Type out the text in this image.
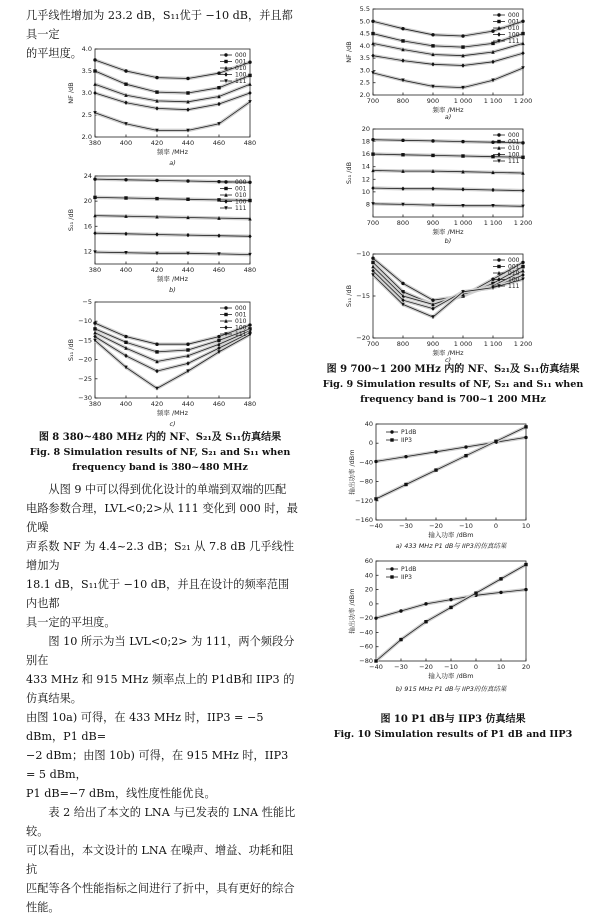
几乎线性增加为 23.2 dB，S₁₁优于 −10 dB，并且都具一定

的平坦度。

380	400	420	440	460	480
2.0
2.5
3.0
3.5
4.0
频率 /MHz
NF /dB
a)
000
001
010
100
111
380	400	420	440	460	480
12
16
20
24
频率 /MHz
S₂₁ /dB
b)
000
001
010
100
111
380	400	420	440	460	480
−5
−10
−15
−20
−25
−30
频率 /MHz
S₁₁ /dB
c)
000
001
010
100
111
图 8 380~480 MHz 内的 NF、S₂₁及 S₁₁仿真结果
Fig. 8 Simulation results of NF, S₂₁ and S₁₁ when
frequency band is 380~480 MHz

从图 9 中可以得到优化设计的单端到双端的匹配

电路参数合理，LVL<0;2>从 111 变化到 000 时，最优噪

声系数 NF 为 4.4~2.3 dB；S₂₁ 从 7.8 dB 几乎线性增加为

18.1 dB，S₁₁优于 −10 dB，并且在设计的频率范围内也都

具一定的平坦度。

图 10 所示为当 LVL<0;2> 为 111，两个频段分别在

433 MHz 和 915 MHz 频率点上的 P1dB和 IIP3 的仿真结果。

由图 10a) 可得，在 433 MHz 时，IIP3 = −5 dBm，P1 dB=

−2 dBm；由图 10b) 可得，在 915 MHz 时，IIP3 = 5 dBm，

P1 dB=−7 dBm，线性度性能优良。

表 2 给出了本文的 LNA 与已发表的 LNA 性能比较。

可以看出，本文设计的 LNA 在噪声、增益、功耗和阻抗

匹配等各个性能指标之间进行了折中，具有更好的综合

性能。

700	800	900 1 000 1 100 1 200
2.0
2.5
3.0
3.5
4.0
4.5
5.0
5.5
频率 /MHz
NF /dB
a)
000
001
010
100
111
700	800	900 1 000 1 100 1 200
8
10
12
14
16
18
20
频率 /MHz
S₂₁ /dB
b)
000
001
010
100
111
700	800	900 1 000 1 100 1 200
−10
−15
−20
频率 /MHz
S₁₁ /dB
c)
000
001
010
100
111
图 9 700~1 200 MHz 内的 NF、S₂₁及 S₁₁仿真结果
Fig. 9 Simulation results of NF, S₂₁ and S₁₁ when
frequency band is 700~1 200 MHz
−40	−30	−20	−10	0	10
40
0
−40
−80
−120
−160
输入功率 /dBm
输出功率 /dBm
a) 433 MHz P1 dB与 IIP3的仿真结果
P1dB
IIP3
−40 −30 −20 −10 0	10	20
60
40
20
0
−20
−40
−60
−80
输入功率 /dBm
输出功率 /dBm
b) 915 MHz P1 dB与 IIP3的仿真结果
P1dB
IIP3
图 10 P1 dB与 IIP3 仿真结果
Fig. 10 Simulation results of P1 dB and IIP3
